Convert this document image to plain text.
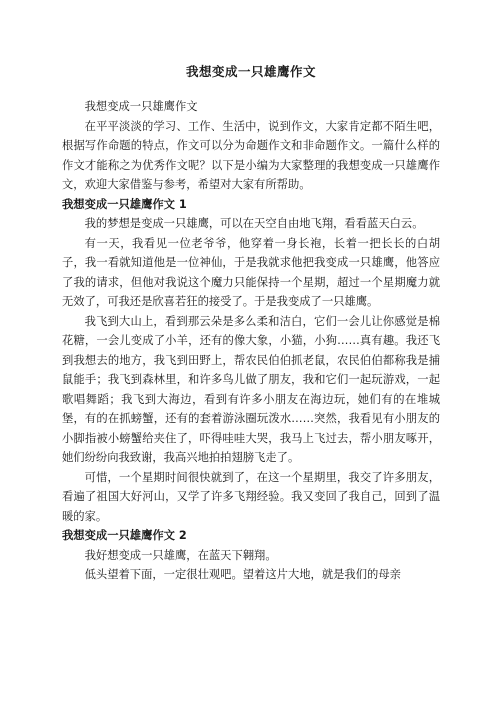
我想变成一只雄鹰作文

我想变成一只雄鹰作文

在平平淡淡的学习、工作、生活中，说到作文，大家肯定都不陌生吧，根据写作命题的特点，作文可以分为命题作文和非命题作文。一篇什么样的作文才能称之为优秀作文呢？以下是小编为大家整理的我想变成一只雄鹰作文，欢迎大家借鉴与参考，希望对大家有所帮助。

我想变成一只雄鹰作文 1

我的梦想是变成一只雄鹰，可以在天空自由地飞翔，看看蓝天白云。

有一天，我看见一位老爷爷，他穿着一身长袍，长着一把长长的白胡子，我一看就知道他是一位神仙，于是我就求他把我变成一只雄鹰，他答应了我的请求，但他对我说这个魔力只能保持一个星期，超过一个星期魔力就无效了，可我还是欣喜若狂的接受了。于是我变成了一只雄鹰。

我飞到大山上，看到那云朵是多么柔和洁白，它们一会儿让你感觉是棉花糖，一会儿变成了小羊，还有的像大象，小猫，小狗……真有趣。我还飞到我想去的地方，我飞到田野上，帮农民伯伯抓老鼠，农民伯伯都称我是捕鼠能手；我飞到森林里，和许多鸟儿做了朋友，我和它们一起玩游戏，一起歌唱舞蹈；我飞到大海边，看到有许多小朋友在海边玩，她们有的在堆城堡，有的在抓螃蟹，还有的套着游泳圈玩泼水……突然，我看见有小朋友的小脚指被小螃蟹给夹住了，吓得哇哇大哭，我马上飞过去，帮小朋友啄开，她们纷纷向我致谢，我高兴地拍拍翅膀飞走了。

可惜，一个星期时间很快就到了，在这一个星期里，我交了许多朋友，看遍了祖国大好河山，又学了许多飞翔经验。我又变回了我自己，回到了温暖的家。

我想变成一只雄鹰作文 2

我好想变成一只雄鹰，在蓝天下翱翔。

低头望着下面，一定很壮观吧。望着这片大地，就是我们的母亲
